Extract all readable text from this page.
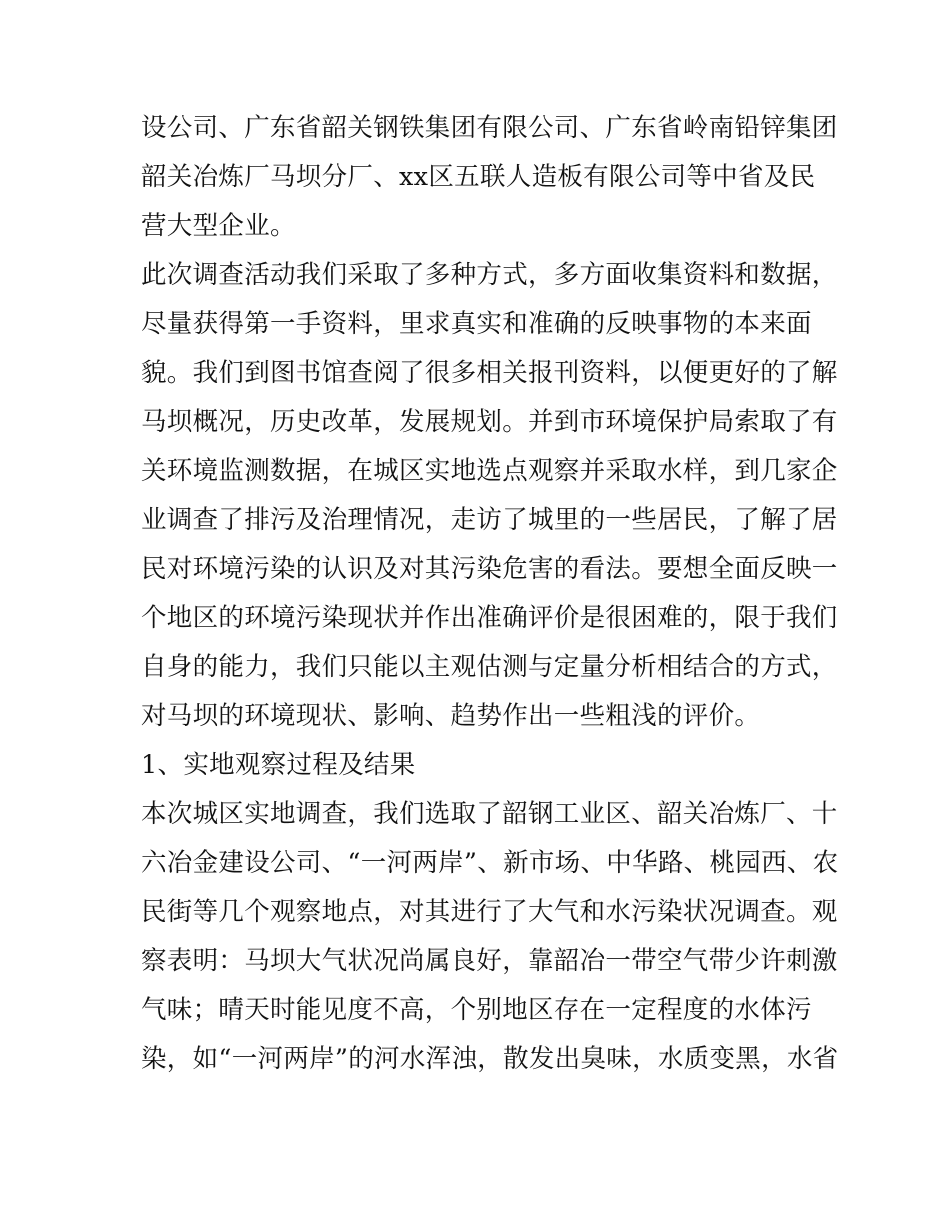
设公司、广东省韶关钢铁集团有限公司、广东省岭南铅锌集团
韶关冶炼厂马坝分厂、xx区五联人造板有限公司等中省及民
营大型企业。
此次调查活动我们采取了多种方式，多方面收集资料和数据，
尽量获得第一手资料，里求真实和准确的反映事物的本来面
貌。我们到图书馆查阅了很多相关报刊资料，以便更好的了解
马坝概况，历史改革，发展规划。并到市环境保护局索取了有
关环境监测数据，在城区实地选点观察并采取水样，到几家企
业调查了排污及治理情况，走访了城里的一些居民，了解了居
民对环境污染的认识及对其污染危害的看法。要想全面反映一
个地区的环境污染现状并作出准确评价是很困难的，限于我们
自身的能力，我们只能以主观估测与定量分析相结合的方式，
对马坝的环境现状、影响、趋势作出一些粗浅的评价。
1、实地观察过程及结果
本次城区实地调查，我们选取了韶钢工业区、韶关冶炼厂、十
六冶金建设公司、“一河两岸”、新市场、中华路、桃园西、农
民街等几个观察地点，对其进行了大气和水污染状况调查。观
察表明：马坝大气状况尚属良好，靠韶冶一带空气带少许刺激
气味；晴天时能见度不高，个别地区存在一定程度的水体污
染，如“一河两岸”的河水浑浊，散发出臭味，水质变黑，水省
